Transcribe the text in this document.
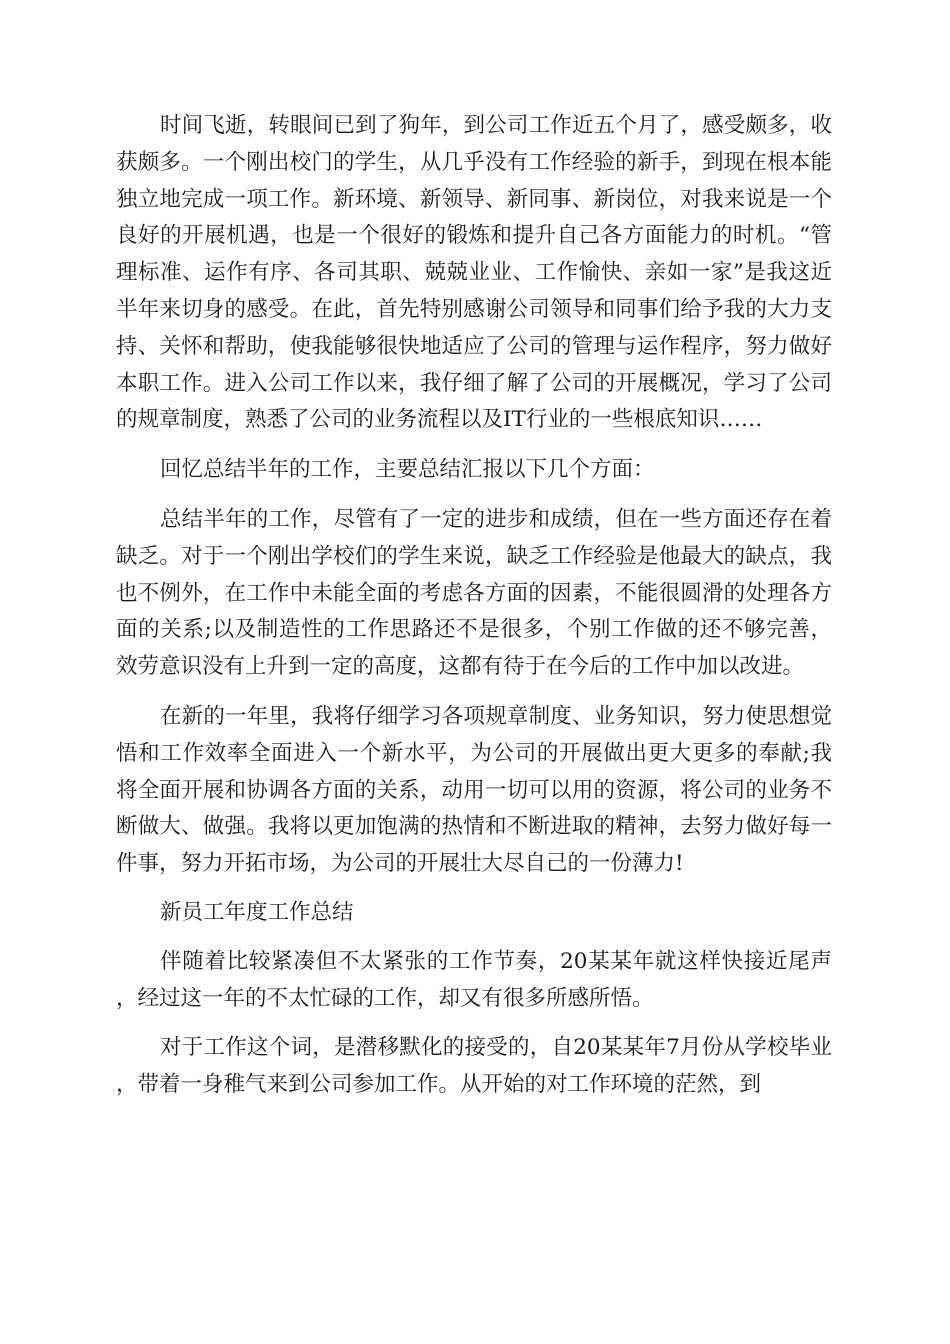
时间飞逝，转眼间已到了狗年，到公司工作近五个月了，感受颇多，收获颇多。一个刚出校门的学生，从几乎没有工作经验的新手，到现在根本能独立地完成一项工作。新环境、新领导、新同事、新岗位，对我来说是一个良好的开展机遇，也是一个很好的锻炼和提升自己各方面能力的时机。“管理标准、运作有序、各司其职、兢兢业业、工作愉快、亲如一家”是我这近半年来切身的感受。在此，首先特别感谢公司领导和同事们给予我的大力支持、关怀和帮助，使我能够很快地适应了公司的管理与运作程序，努力做好本职工作。进入公司工作以来，我仔细了解了公司的开展概况，学习了公司的规章制度，熟悉了公司的业务流程以及IT行业的一些根底知识……

回忆总结半年的工作，主要总结汇报以下几个方面：

总结半年的工作，尽管有了一定的进步和成绩，但在一些方面还存在着缺乏。对于一个刚出学校们的学生来说，缺乏工作经验是他最大的缺点，我也不例外，在工作中未能全面的考虑各方面的因素，不能很圆滑的处理各方面的关系;以及制造性的工作思路还不是很多，个别工作做的还不够完善，效劳意识没有上升到一定的高度，这都有待于在今后的工作中加以改进。

在新的一年里，我将仔细学习各项规章制度、业务知识，努力使思想觉悟和工作效率全面进入一个新水平，为公司的开展做出更大更多的奉献;我将全面开展和协调各方面的关系，动用一切可以用的资源，将公司的业务不断做大、做强。我将以更加饱满的热情和不断进取的精神，去努力做好每一件事，努力开拓市场，为公司的开展壮大尽自己的一份薄力!

新员工年度工作总结

伴随着比较紧凑但不太紧张的工作节奏，20某某年就这样快接近尾声，经过这一年的不太忙碌的工作，却又有很多所感所悟。

对于工作这个词，是潜移默化的接受的，自20某某年7月份从学校毕业，带着一身稚气来到公司参加工作。从开始的对工作环境的茫然，到
